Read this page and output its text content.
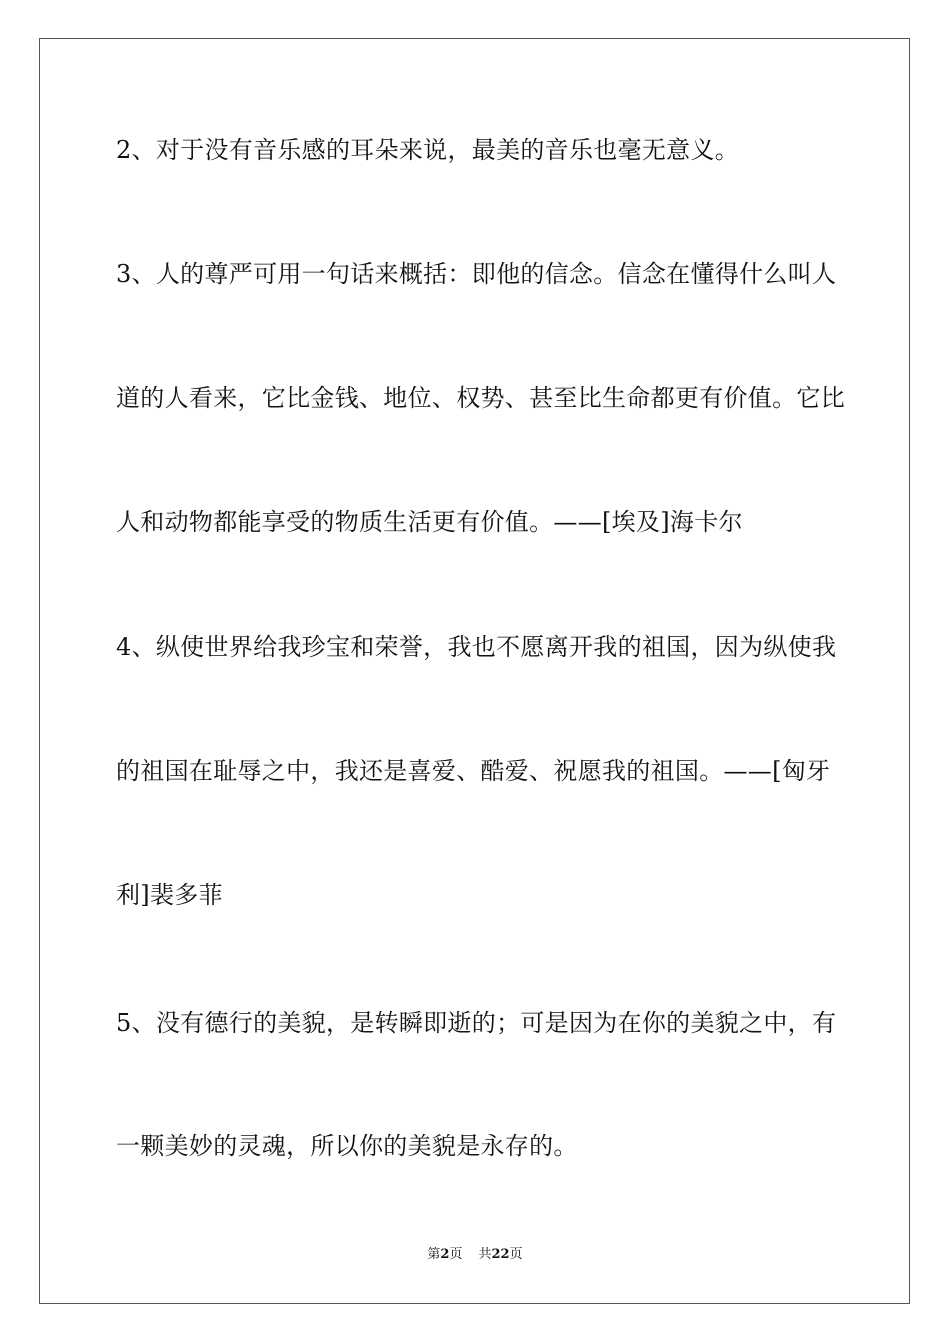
2、对于没有音乐感的耳朵来说，最美的音乐也毫无意义。
3、人的尊严可用一句话来概括：即他的信念。信念在懂得什么叫人
道的人看来，它比金钱、地位、权势、甚至比生命都更有价值。它比
人和动物都能享受的物质生活更有价值。——[埃及]海卡尔
4、纵使世界给我珍宝和荣誉，我也不愿离开我的祖国，因为纵使我
的祖国在耻辱之中，我还是喜爱、酷爱、祝愿我的祖国。——[匈牙
利]裴多菲
5、没有德行的美貌，是转瞬即逝的；可是因为在你的美貌之中，有
一颗美妙的灵魂，所以你的美貌是永存的。
第2页 共22页
